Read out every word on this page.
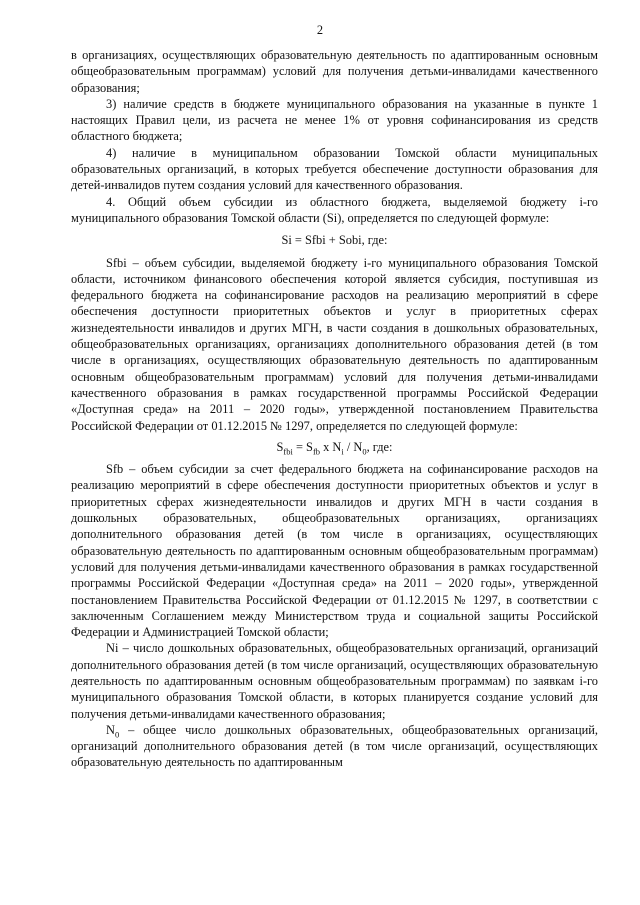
2

в организациях, осуществляющих образовательную деятельность по адаптированным основным общеобразовательным программам) условий для получения детьми-инвалидами качественного образования;

3) наличие средств в бюджете муниципального образования на указанные в пункте 1 настоящих Правил цели, из расчета не менее 1% от уровня софинансирования из средств областного бюджета;

4) наличие в муниципальном образовании Томской области муниципальных образовательных организаций, в которых требуется обеспечение доступности образования для детей-инвалидов путем создания условий для качественного образования.

4. Общий объем субсидии из областного бюджета, выделяемой бюджету i-го муниципального образования Томской области (Si), определяется по следующей формуле:

Si = Sfbi + Sobi, где:

Sfbi – объем субсидии, выделяемой бюджету i-го муниципального образования Томской области, источником финансового обеспечения которой является субсидия, поступившая из федерального бюджета на софинансирование расходов на реализацию мероприятий в сфере обеспечения доступности приоритетных объектов и услуг в приоритетных сферах жизнедеятельности инвалидов и других МГН, в части создания в дошкольных образовательных, общеобразовательных организациях, организациях дополнительного образования детей (в том числе в организациях, осуществляющих образовательную деятельность по адаптированным основным общеобразовательным программам) условий для получения детьми-инвалидами качественного образования в рамках государственной программы Российской Федерации «Доступная среда» на 2011 – 2020 годы», утвержденной постановлением Правительства Российской Федерации от 01.12.2015 № 1297, определяется по следующей формуле:

$S_{fbi} = S_{fb}$ x $N_i / N_0$, где:

Sfb – объем субсидии за счет федерального бюджета на софинансирование расходов на реализацию мероприятий в сфере обеспечения доступности приоритетных объектов и услуг в приоритетных сферах жизнедеятельности инвалидов и других МГН в части создания в дошкольных образовательных, общеобразовательных организациях, организациях дополнительного образования детей (в том числе в организациях, осуществляющих образовательную деятельность по адаптированным основным общеобразовательным программам) условий для получения детьми-инвалидами качественного образования в рамках государственной программы Российской Федерации «Доступная среда» на 2011 – 2020 годы», утвержденной постановлением Правительства Российской Федерации от 01.12.2015 № 1297, в соответствии с заключенным Соглашением между Министерством труда и социальной защиты Российской Федерации и Администрацией Томской области;

Ni – число дошкольных образовательных, общеобразовательных организаций, организаций дополнительного образования детей (в том числе организаций, осуществляющих образовательную деятельность по адаптированным основным общеобразовательным программам) по заявкам i-го муниципального образования Томской области, в которых планируется создание условий для получения детьми-инвалидами качественного образования;

$N_0$ – общее число дошкольных образовательных, общеобразовательных организаций, организаций дополнительного образования детей (в том числе организаций, осуществляющих образовательную деятельность по адаптированным
